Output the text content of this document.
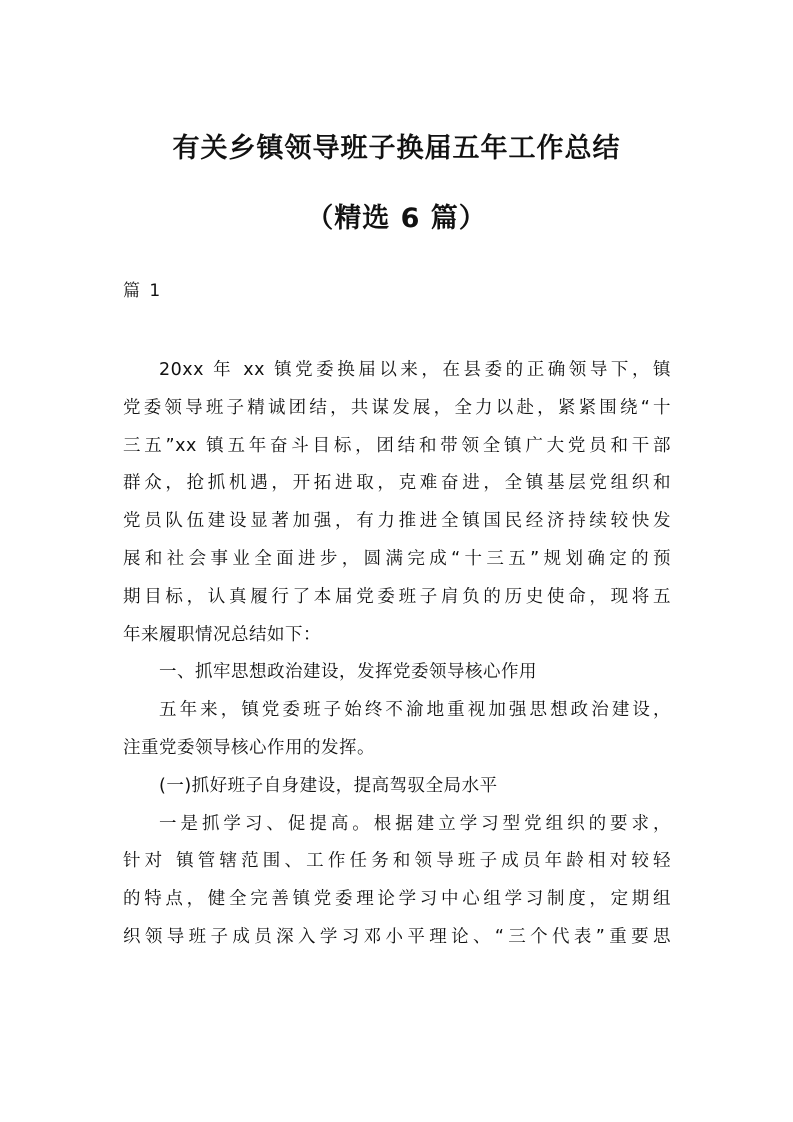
有关乡镇领导班子换届五年工作总结
（精选 6 篇）
篇 1
20xx 年 xx 镇党委换届以来，在县委的正确领导下，镇
党委领导班子精诚团结，共谋发展，全力以赴，紧紧围绕“十
三五”xx 镇五年奋斗目标，团结和带领全镇广大党员和干部
群众，抢抓机遇，开拓进取，克难奋进，全镇基层党组织和
党员队伍建设显著加强，有力推进全镇国民经济持续较快发
展和社会事业全面进步，圆满完成“十三五”规划确定的预
期目标，认真履行了本届党委班子肩负的历史使命，现将五
年来履职情况总结如下：
一、抓牢思想政治建设，发挥党委领导核心作用
五年来，镇党委班子始终不渝地重视加强思想政治建设，
注重党委领导核心作用的发挥。
(一)抓好班子自身建设，提高驾驭全局水平
一是抓学习、促提高。根据建立学习型党组织的要求，
针对 镇管辖范围、工作任务和领导班子成员年龄相对较轻
的特点，健全完善镇党委理论学习中心组学习制度，定期组
织领导班子成员深入学习邓小平理论、“三个代表”重要思
